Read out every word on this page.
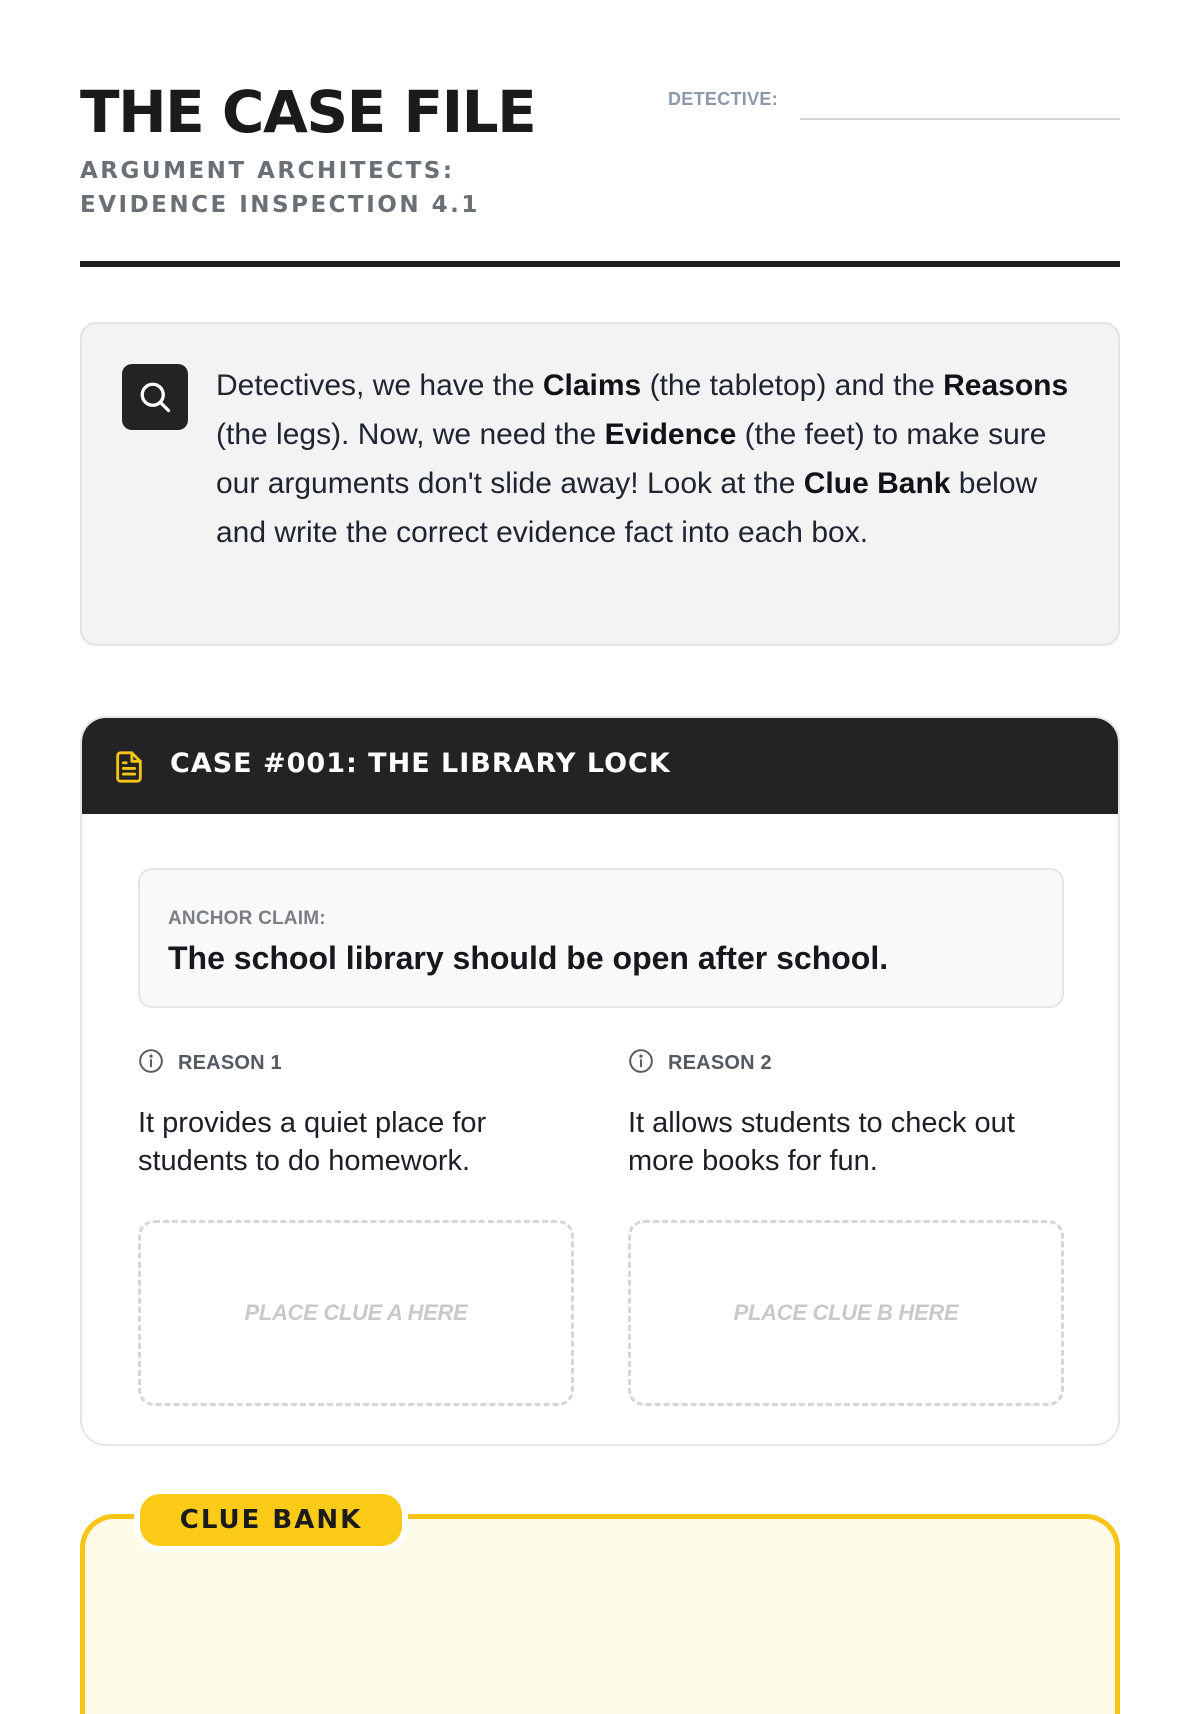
THE CASE FILE

ARGUMENT ARCHITECTS: EVIDENCE INSPECTION 4.1

DETECTIVE:

Detectives, we have the Claims (the tabletop) and the Reasons (the legs). Now, we need the Evidence (the feet) to make sure our arguments don't slide away! Look at the Clue Bank below and write the correct evidence fact into each box.

CASE #001: THE LIBRARY LOCK
ANCHOR CLAIM:
The school library should be open after school.
REASON 1

It provides a quiet place for students to do homework.

PLACE CLUE A HERE
REASON 2

It allows students to check out more books for fun.

PLACE CLUE B HERE
CLUE BANK
